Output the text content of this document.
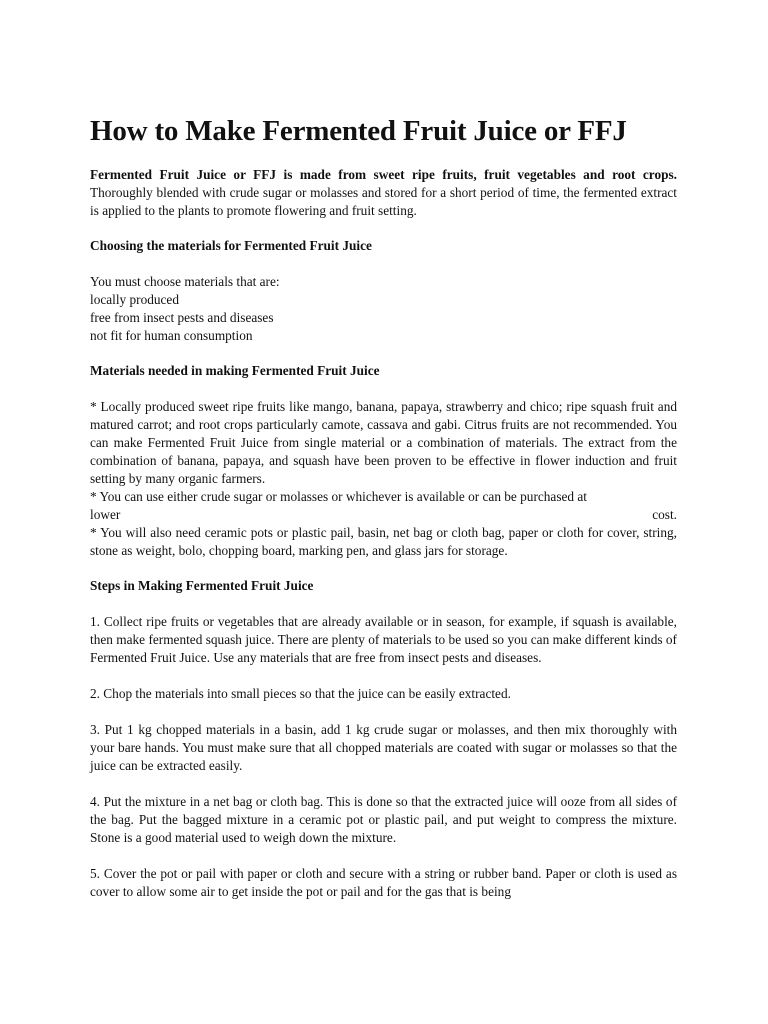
How to Make Fermented Fruit Juice or FFJ

Fermented Fruit Juice or FFJ is made from sweet ripe fruits, fruit vegetables and root crops. Thoroughly blended with crude sugar or molasses and stored for a short period of time, the fermented extract is applied to the plants to promote flowering and fruit setting.

Choosing the materials for Fermented Fruit Juice

You must choose materials that are:
locally produced
free from insect pests and diseases
not fit for human consumption

Materials needed in making Fermented Fruit Juice

* Locally produced sweet ripe fruits like mango, banana, papaya, strawberry and chico; ripe squash fruit and matured carrot; and root crops particularly camote, cassava and gabi. Citrus fruits are not recommended. You can make Fermented Fruit Juice from single material or a combination of materials. The extract from the combination of banana, papaya, and squash have been proven to be effective in flower induction and fruit setting by many organic farmers.

* You can use either crude sugar or molasses or whichever is available or can be purchased at

lower	cost.

* You will also need ceramic pots or plastic pail, basin, net bag or cloth bag, paper or cloth for cover, string, stone as weight, bolo, chopping board, marking pen, and glass jars for storage.

Steps in Making Fermented Fruit Juice

1. Collect ripe fruits or vegetables that are already available or in season, for example, if squash is available, then make fermented squash juice. There are plenty of materials to be used so you can make different kinds of Fermented Fruit Juice. Use any materials that are free from insect pests and diseases.

2. Chop the materials into small pieces so that the juice can be easily extracted.

3. Put 1 kg chopped materials in a basin, add 1 kg crude sugar or molasses, and then mix thoroughly with your bare hands. You must make sure that all chopped materials are coated with sugar or molasses so that the juice can be extracted easily.

4. Put the mixture in a net bag or cloth bag. This is done so that the extracted juice will ooze from all sides of the bag. Put the bagged mixture in a ceramic pot or plastic pail, and put weight to compress the mixture. Stone is a good material used to weigh down the mixture.

5. Cover the pot or pail with paper or cloth and secure with a string or rubber band. Paper or cloth is used as cover to allow some air to get inside the pot or pail and for the gas that is being
